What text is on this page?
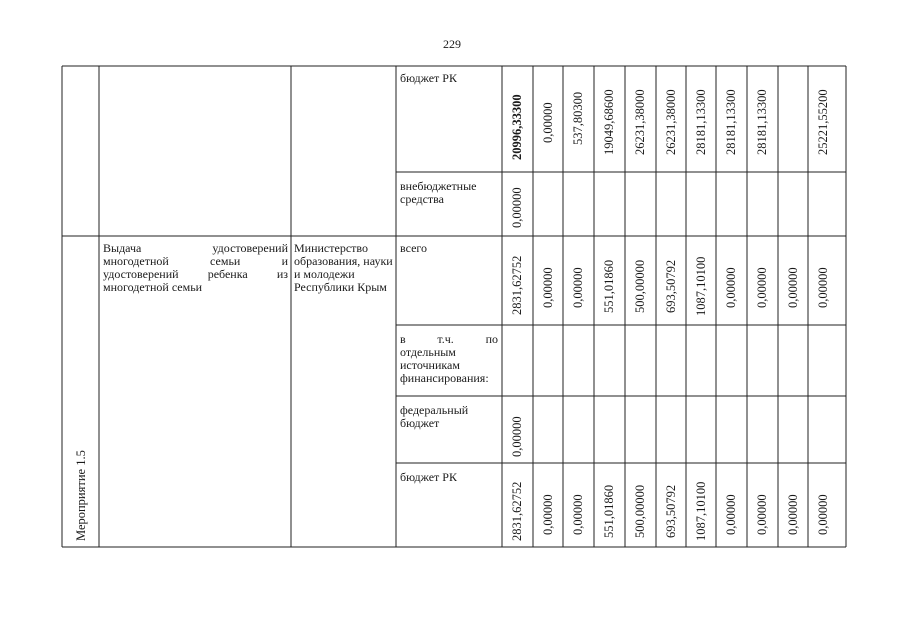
229
бюджет РК
внебюджетные средства
20996,33300 0,00000 537,80300 19049,68600 26231,38000 26231,38000 28181,13300 28181,13300 28181,13300	25221,55200
0,00000
Мероприятие 1.5
Выдача удостоверений многодетной семьи и удостоверений ребенка из многодетной семьи
Министерство образования, науки и молодежи Республики Крым
всего
в т.ч. по отдельным источникам финансирования:
федеральный бюджет
бюджет РК
2831,62752 0,00000 0,00000 551,01860 500,00000 693,50792 1087,10100 0,00000 0,00000 0,00000 0,00000
0,00000
2831,62752 0,00000 0,00000 551,01860 500,00000 693,50792 1087,10100 0,00000 0,00000 0,00000 0,00000
